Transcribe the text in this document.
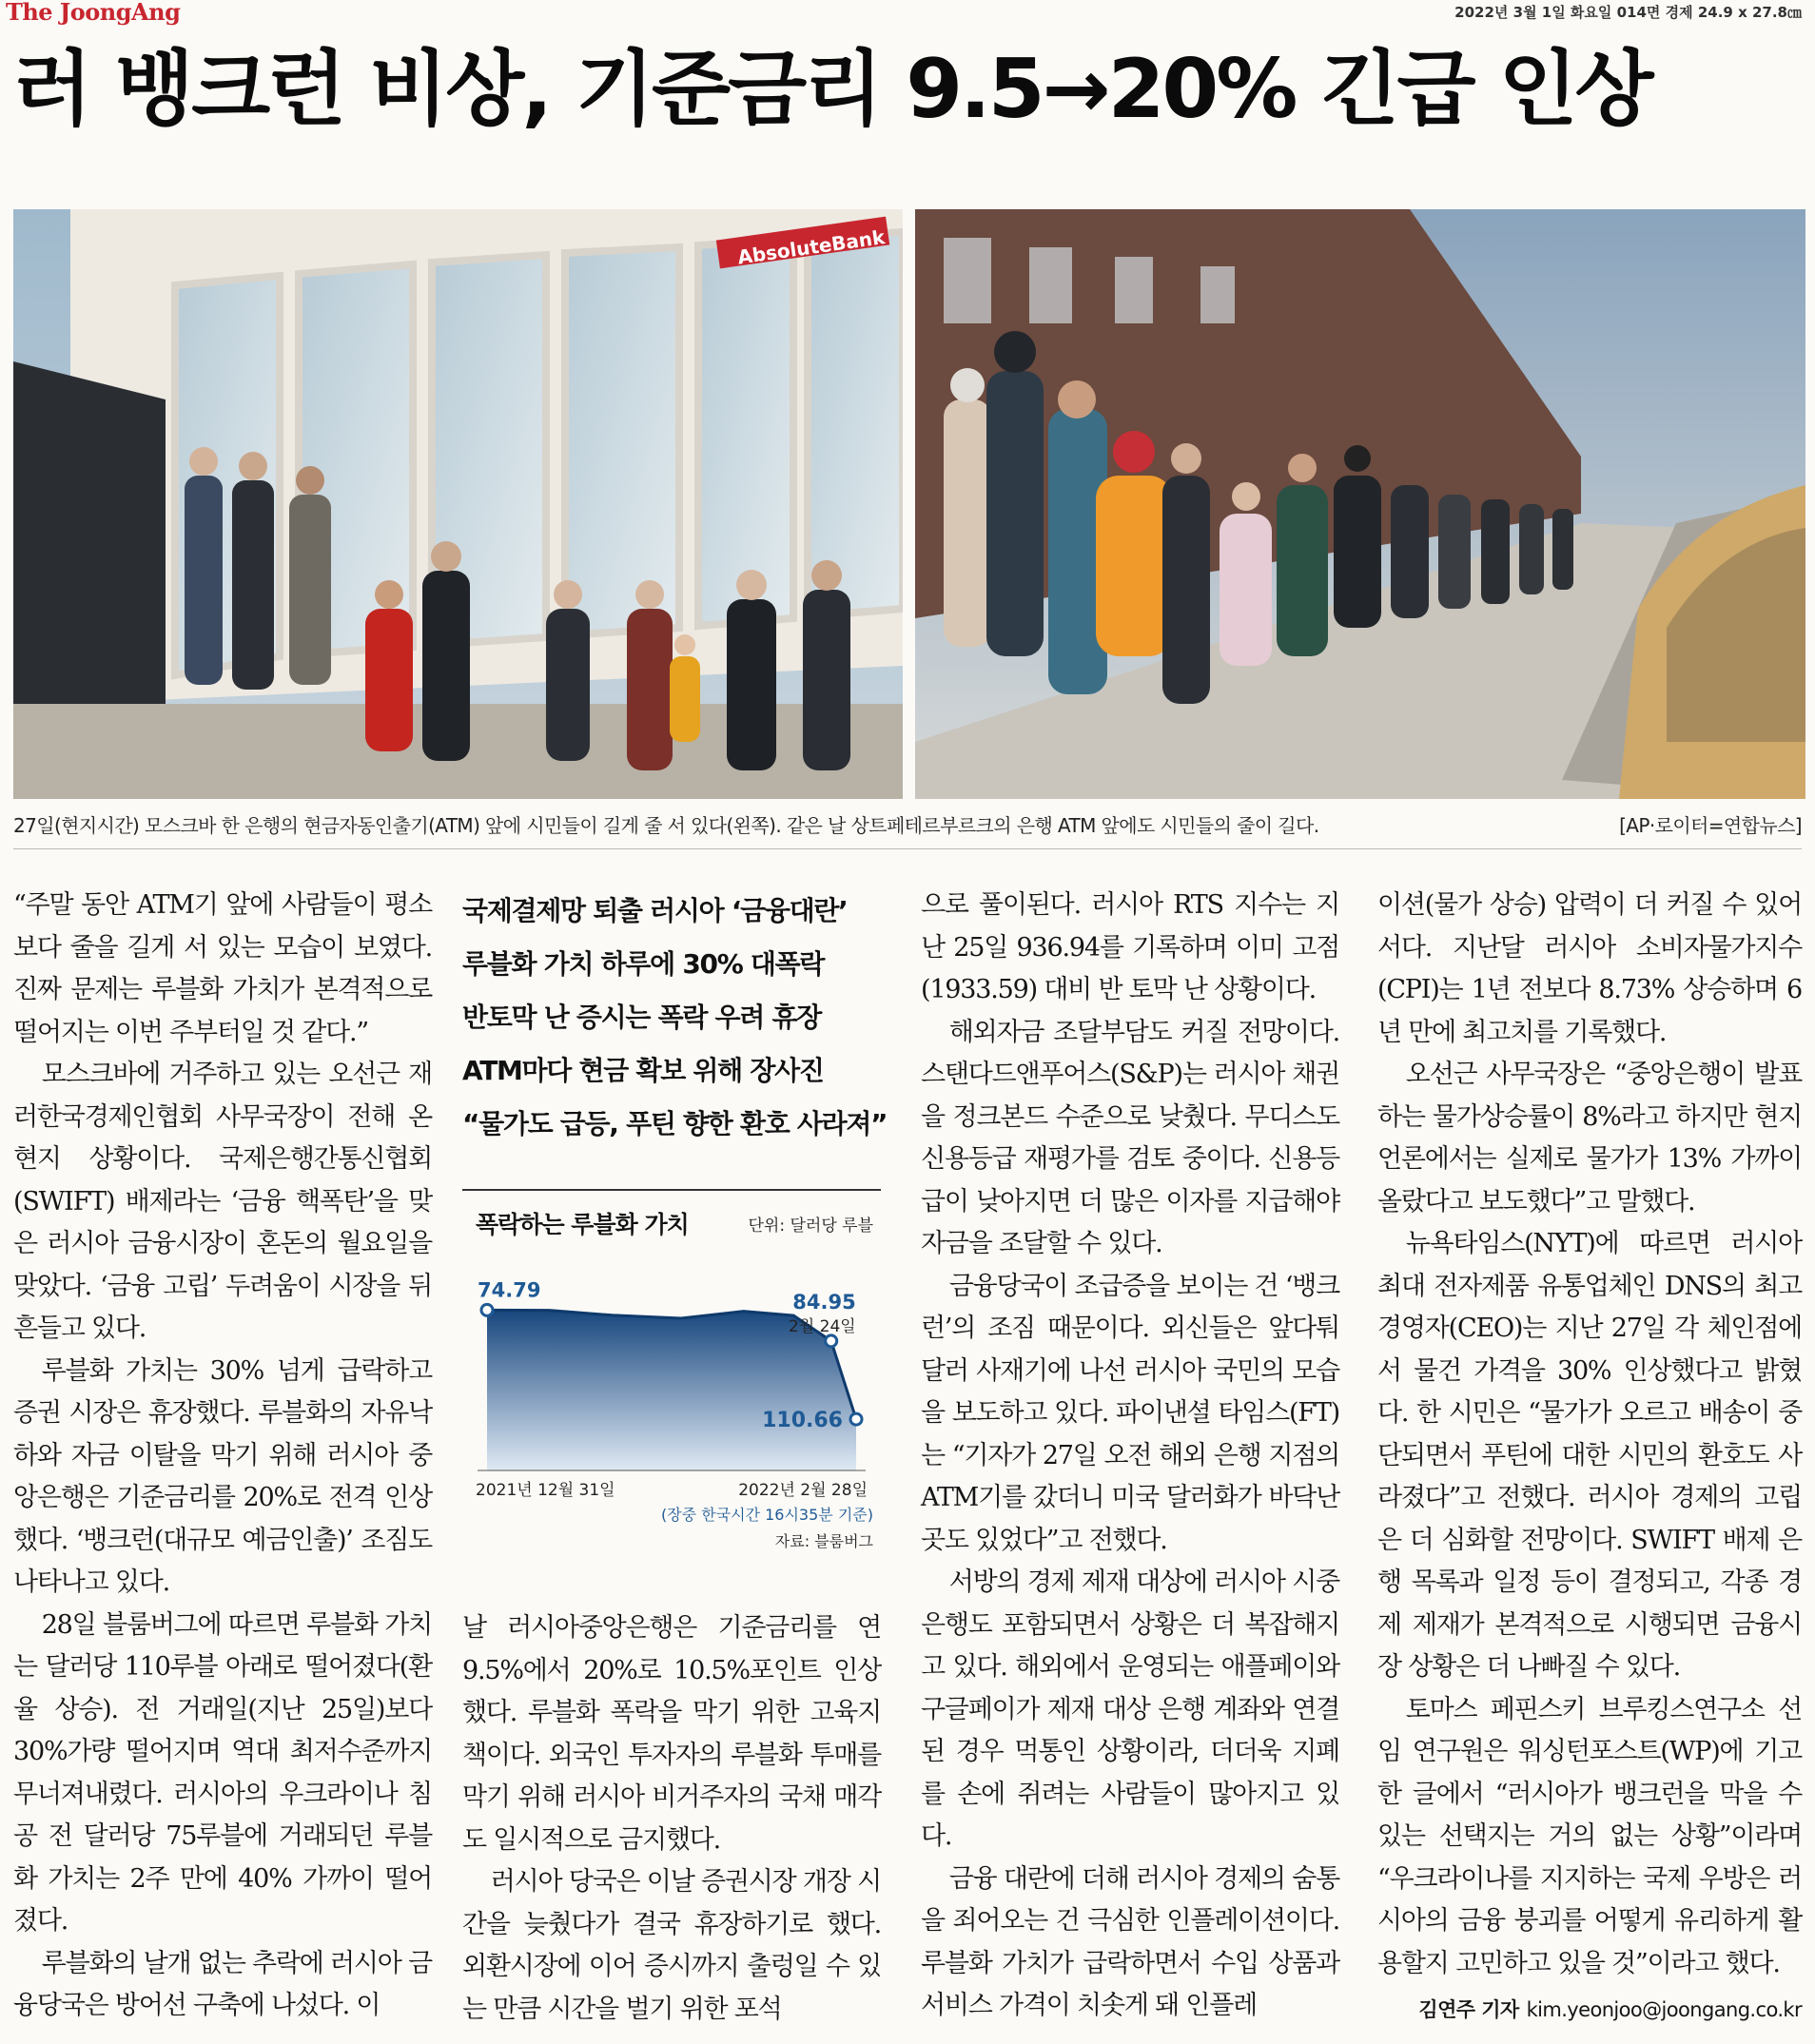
The JoongAng	2022년 3월 1일 화요일 014면 경제 24.9 x 27.8㎝
러 뱅크런 비상, 기준금리 9.5→20% 긴급 인상
AbsoluteBank
27일(현지시간) 모스크바 한 은행의 현금자동인출기(ATM) 앞에 시민들이 길게 줄 서 있다(왼쪽). 같은 날 상트페테르부르크의 은행 ATM 앞에도 시민들의 줄이 길다.	[AP·로이터=연합뉴스]

“주말 동안 ATM기 앞에 사람들이 평소보다 줄을 길게 서 있는 모습이 보였다. 진짜 문제는 루블화 가치가 본격적으로 떨어지는 이번 주부터일 것 같다.”

모스크바에 거주하고 있는 오선근 재러한국경제인협회 사무국장이 전해 온 현지 상황이다. 국제은행간통신협회(SWIFT) 배제라는 ‘금융 핵폭탄’을 맞은 러시아 금융시장이 혼돈의 월요일을 맞았다. ‘금융 고립’ 두려움이 시장을 뒤흔들고 있다.

루블화 가치는 30% 넘게 급락하고 증권 시장은 휴장했다. 루블화의 자유낙하와 자금 이탈을 막기 위해 러시아 중앙은행은 기준금리를 20%로 전격 인상했다. ‘뱅크런(대규모 예금인출)’ 조짐도 나타나고 있다.

28일 블룸버그에 따르면 루블화 가치는 달러당 110루블 아래로 떨어졌다(환율 상승). 전 거래일(지난 25일)보다 30%가량 떨어지며 역대 최저수준까지 무너져내렸다. 러시아의 우크라이나 침공 전 달러당 75루블에 거래되던 루블화 가치는 2주 만에 40% 가까이 떨어졌다.

루블화의 날개 없는 추락에 러시아 금융당국은 방어선 구축에 나섰다. 이

국제결제망 퇴출 러시아 ‘금융대란’
루블화 가치 하루에 30% 대폭락
반토막 난 증시는 폭락 우려 휴장
ATM마다 현금 확보 위해 장사진
“물가도 급등, 푸틴 향한 환호 사라져”
폭락하는 루블화 가치	단위: 달러당 루블
74.79
84.95
2월 24일
110.66
2021년 12월 31일	2022년 2월 28일
(장중 한국시간 16시35분 기준)
자료: 블룸버그

날 러시아중앙은행은 기준금리를 연 9.5%에서 20%로 10.5%포인트 인상했다. 루블화 폭락을 막기 위한 고육지책이다. 외국인 투자자의 루블화 투매를 막기 위해 러시아 비거주자의 국채 매각도 일시적으로 금지했다.

러시아 당국은 이날 증권시장 개장 시간을 늦췄다가 결국 휴장하기로 했다. 외환시장에 이어 증시까지 출렁일 수 있는 만큼 시간을 벌기 위한 포석

으로 풀이된다. 러시아 RTS 지수는 지난 25일 936.94를 기록하며 이미 고점(1933.59) 대비 반 토막 난 상황이다.

해외자금 조달부담도 커질 전망이다. 스탠다드앤푸어스(S&P)는 러시아 채권을 정크본드 수준으로 낮췄다. 무디스도 신용등급 재평가를 검토 중이다. 신용등급이 낮아지면 더 많은 이자를 지급해야 자금을 조달할 수 있다.

금융당국이 조급증을 보이는 건 ‘뱅크런’의 조짐 때문이다. 외신들은 앞다퉈 달러 사재기에 나선 러시아 국민의 모습을 보도하고 있다. 파이낸셜 타임스(FT)는 “기자가 27일 오전 해외 은행 지점의 ATM기를 갔더니 미국 달러화가 바닥난 곳도 있었다”고 전했다.

서방의 경제 제재 대상에 러시아 시중은행도 포함되면서 상황은 더 복잡해지고 있다. 해외에서 운영되는 애플페이와 구글페이가 제재 대상 은행 계좌와 연결된 경우 먹통인 상황이라, 더더욱 지폐를 손에 쥐려는 사람들이 많아지고 있다.

금융 대란에 더해 러시아 경제의 숨통을 죄어오는 건 극심한 인플레이션이다. 루블화 가치가 급락하면서 수입 상품과 서비스 가격이 치솟게 돼 인플레

이션(물가 상승) 압력이 더 커질 수 있어서다. 지난달 러시아 소비자물가지수(CPI)는 1년 전보다 8.73% 상승하며 6년 만에 최고치를 기록했다.

오선근 사무국장은 “중앙은행이 발표하는 물가상승률이 8%라고 하지만 현지 언론에서는 실제로 물가가 13% 가까이 올랐다고 보도했다”고 말했다.

뉴욕타임스(NYT)에 따르면 러시아 최대 전자제품 유통업체인 DNS의 최고경영자(CEO)는 지난 27일 각 체인점에서 물건 가격을 30% 인상했다고 밝혔다. 한 시민은 “물가가 오르고 배송이 중단되면서 푸틴에 대한 시민의 환호도 사라졌다”고 전했다. 러시아 경제의 고립은 더 심화할 전망이다. SWIFT 배제 은행 목록과 일정 등이 결정되고, 각종 경제 제재가 본격적으로 시행되면 금융시장 상황은 더 나빠질 수 있다.

토마스 페핀스키 브루킹스연구소 선임 연구원은 워싱턴포스트(WP)에 기고한 글에서 “러시아가 뱅크런을 막을 수 있는 선택지는 거의 없는 상황”이라며 “우크라이나를 지지하는 국제 우방은 러시아의 금융 붕괴를 어떻게 유리하게 활용할지 고민하고 있을 것”이라고 했다.

김연주 기자 kim.yeonjoo@joongang.co.kr
